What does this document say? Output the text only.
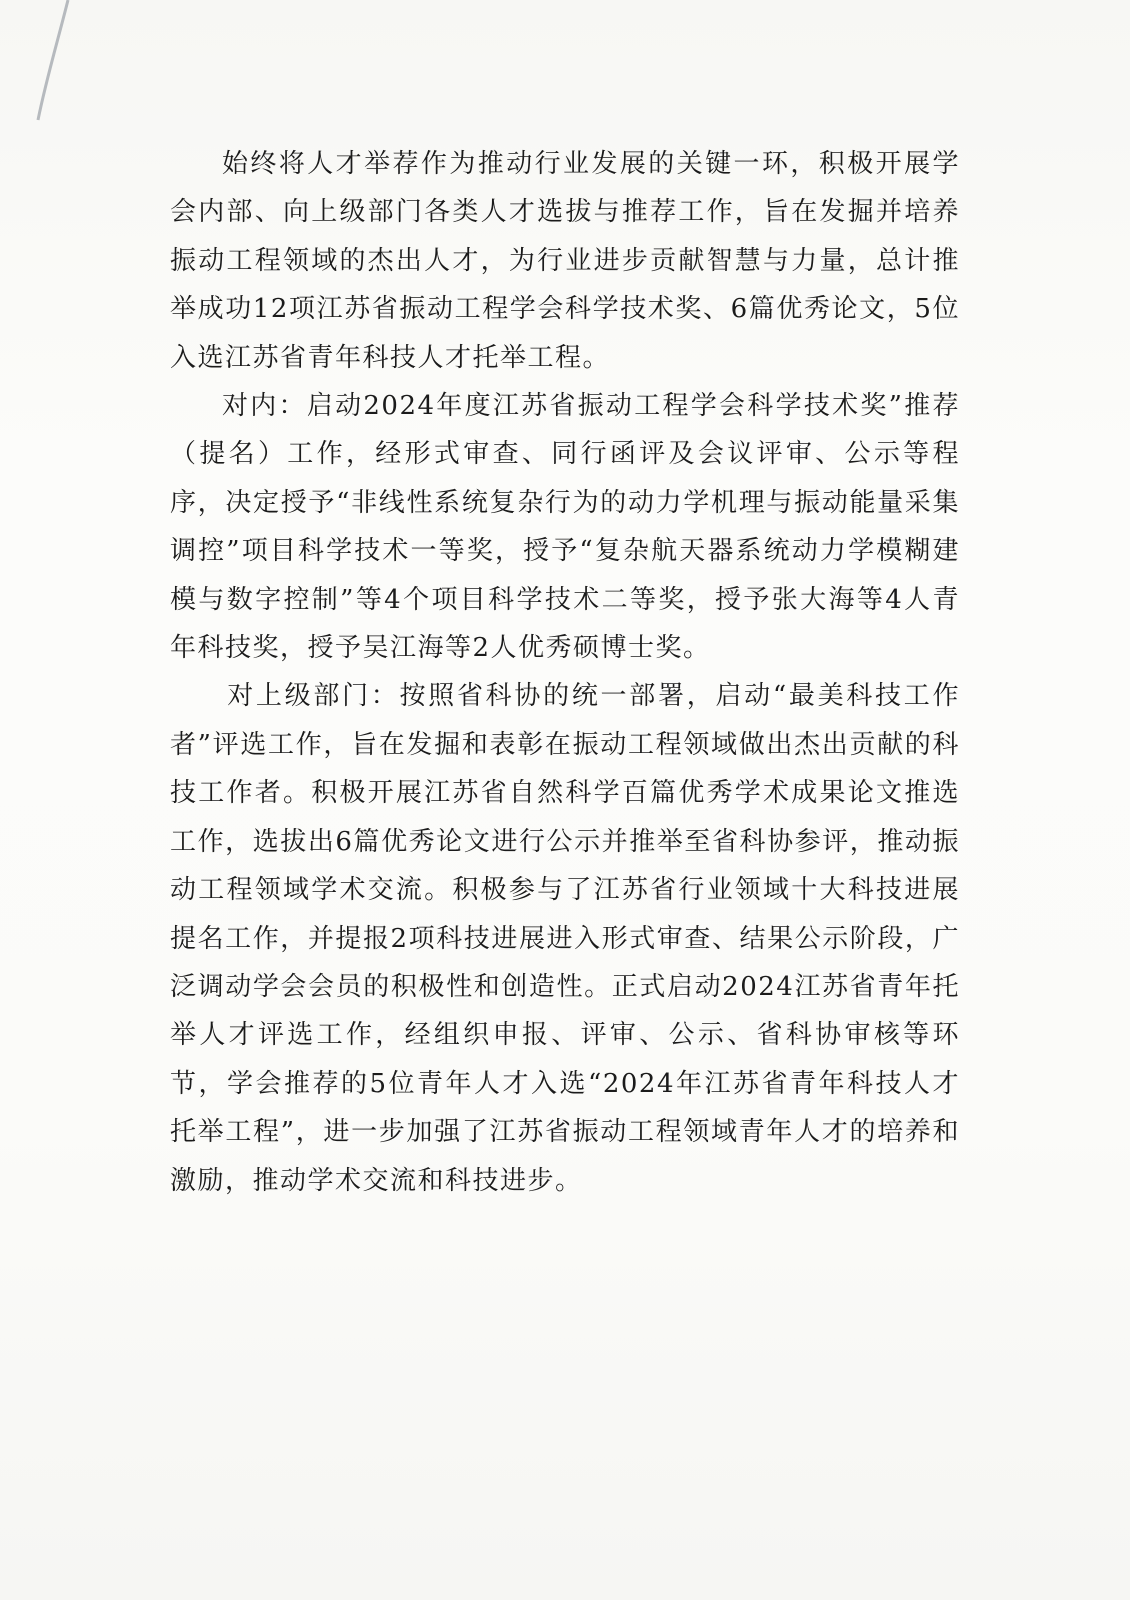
始终将人才举荐作为推动行业发展的关键一环，积极开展学会内部、向上级部门各类人才选拔与推荐工作，旨在发掘并培养振动工程领域的杰出人才，为行业进步贡献智慧与力量，总计推举成功12项江苏省振动工程学会科学技术奖、6篇优秀论文，5位入选江苏省青年科技人才托举工程。

对内：启动2024年度江苏省振动工程学会科学技术奖”推荐（提名）工作，经形式审查、同行函评及会议评审、公示等程序，决定授予“非线性系统复杂行为的动力学机理与振动能量采集调控”项目科学技术一等奖，授予“复杂航天器系统动力学模糊建模与数字控制”等4个项目科学技术二等奖，授予张大海等4人青年科技奖，授予吴江海等2人优秀硕博士奖。

对上级部门：按照省科协的统一部署，启动“最美科技工作者”评选工作，旨在发掘和表彰在振动工程领域做出杰出贡献的科技工作者。积极开展江苏省自然科学百篇优秀学术成果论文推选工作，选拔出6篇优秀论文进行公示并推举至省科协参评，推动振动工程领域学术交流。积极参与了江苏省行业领域十大科技进展提名工作，并提报2项科技进展进入形式审查、结果公示阶段，广泛调动学会会员的积极性和创造性。正式启动2024江苏省青年托举人才评选工作，经组织申报、评审、公示、省科协审核等环节，学会推荐的5位青年人才入选“2024年江苏省青年科技人才托举工程”，进一步加强了江苏省振动工程领域青年人才的培养和激励，推动学术交流和科技进步。
